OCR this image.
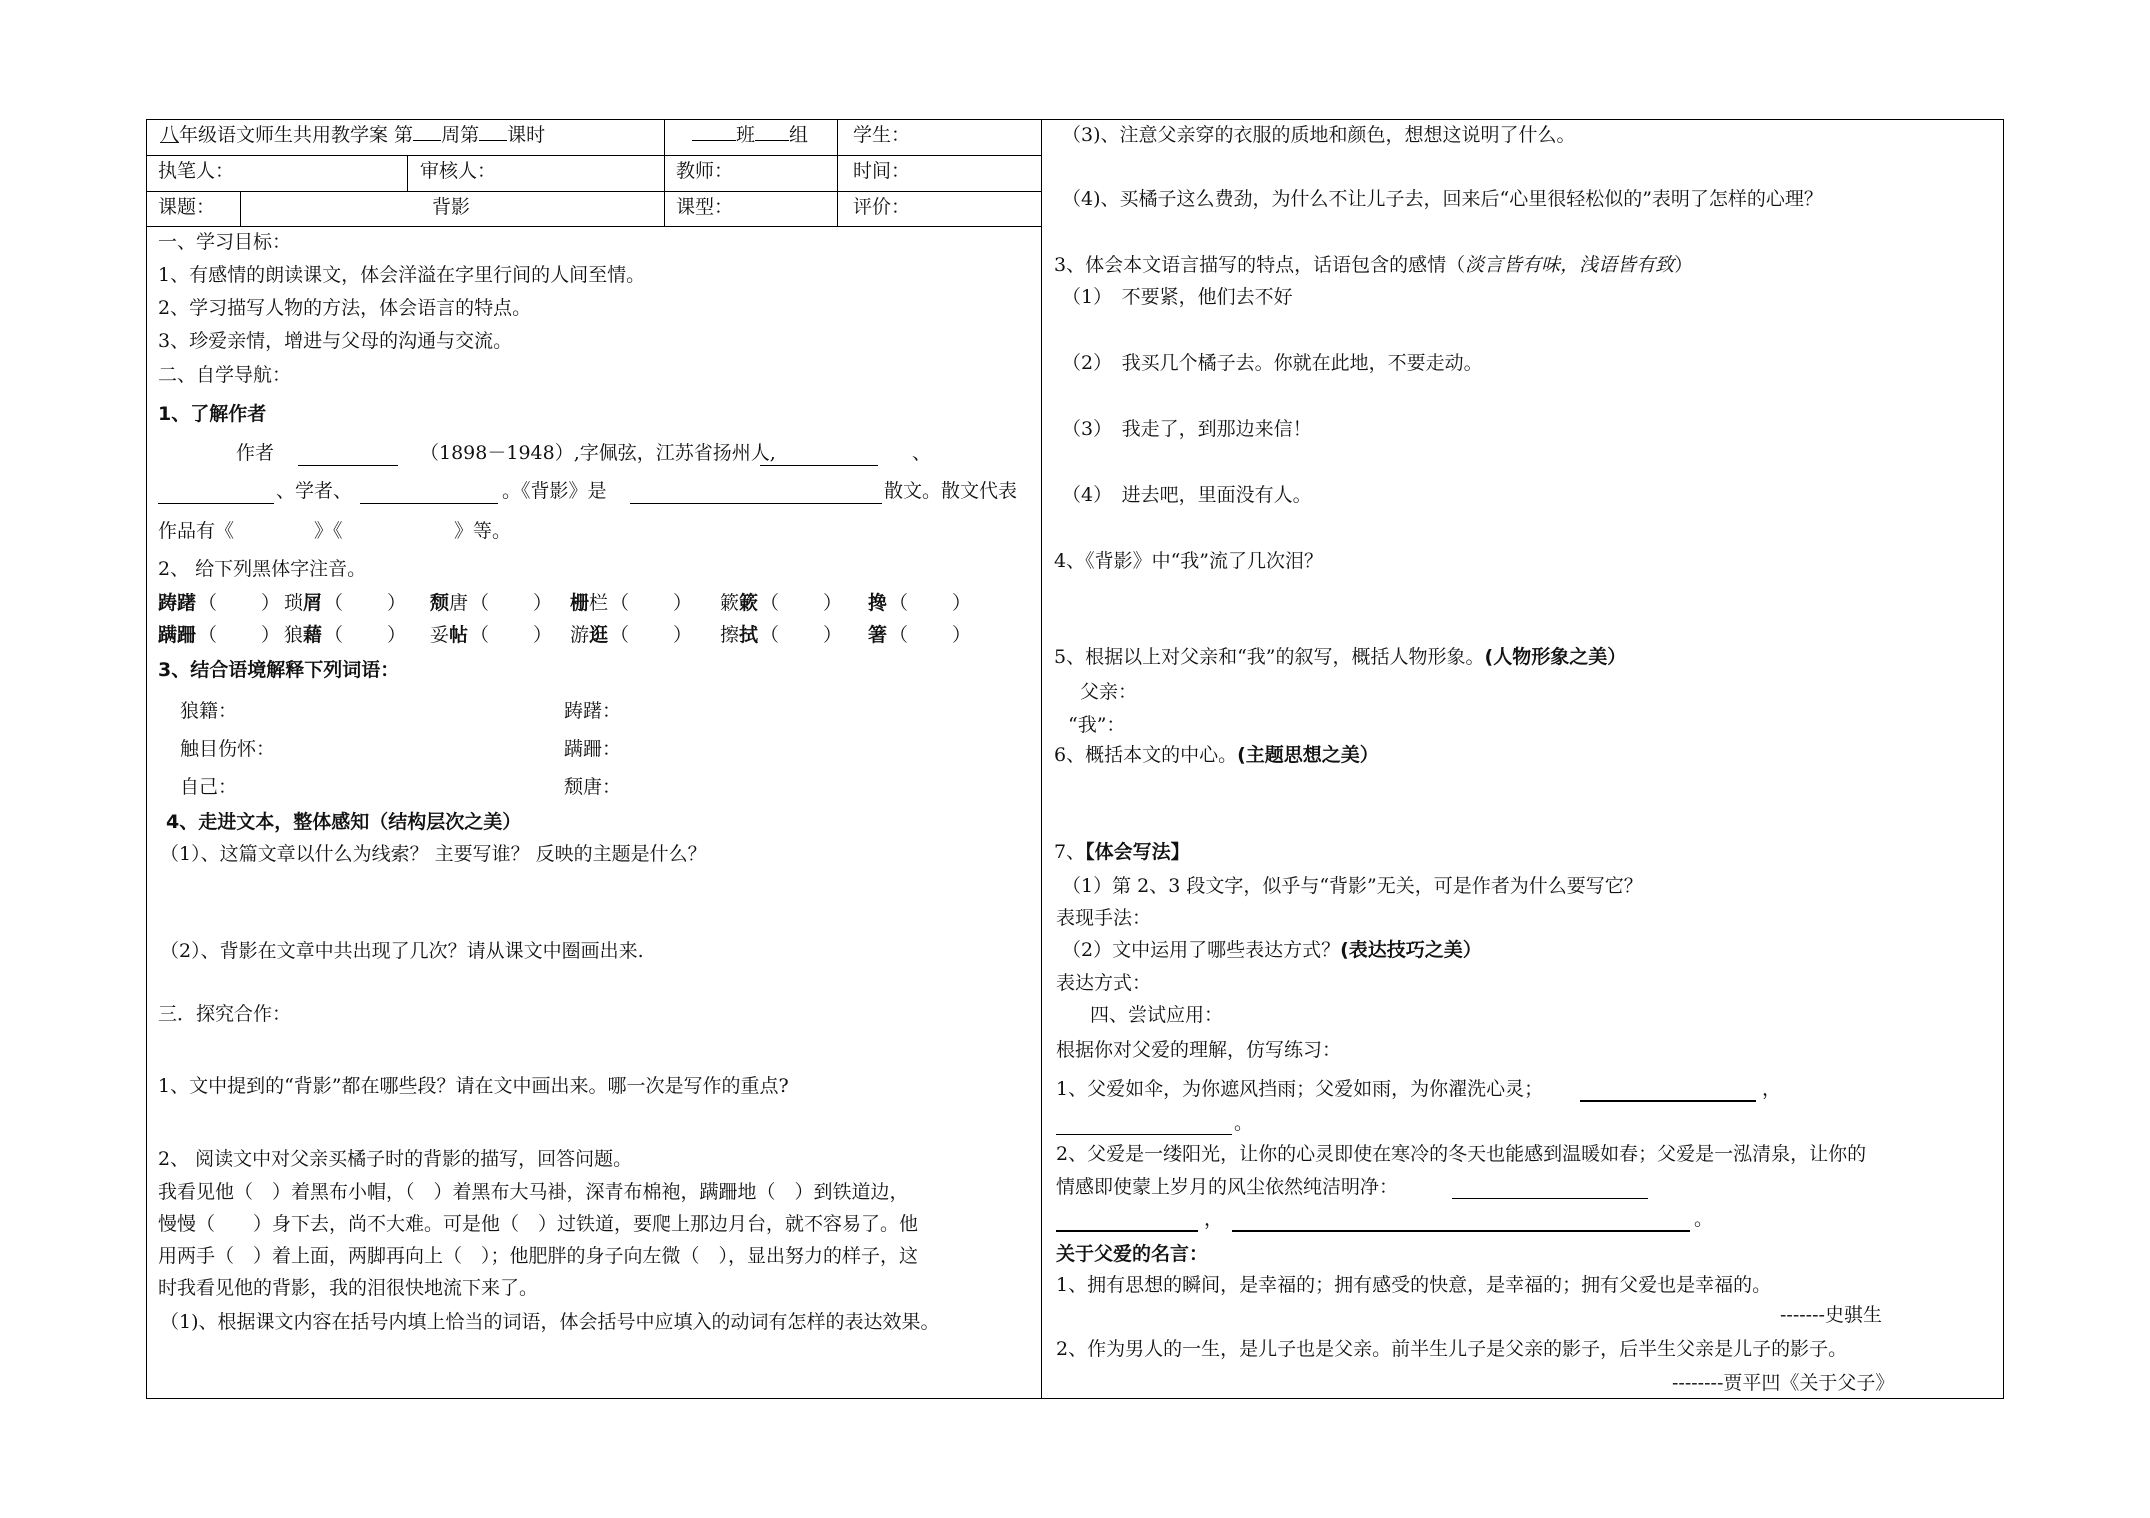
八年级语文师生共用教学案 第 周第 课时	班 组 学生：
执笔人：	审核人：	教师：	时间：
课题：	背影	课型：	评价：
一、学习目标：
1、有感情的朗读课文，体会洋溢在字里行间的人间至情。
2、学习描写人物的方法，体会语言的特点。
3、珍爱亲情，增进与父母的沟通与交流。
二、自学导航：
1、了解作者
作者	（1898－1948）,字佩弦，江苏省扬州人,	、
、学者、	。《背影》是	散文。散文代表
作品有《	》《	》等。
2、 给下列黑体字注音。
踌躇 （ ） 琐屑 （ ） 颓唐 （ ） 栅栏 （ ） 簌簌 （ ） 搀 （ ）
蹒跚 （ ） 狼藉 （ ） 妥帖 （ ） 游逛 （ ） 擦拭 （ ） 箸 （ ）
3、结合语境解释下列词语：
狼籍：	踌躇：
触目伤怀：	蹒跚：
自己：	颓唐：
4、走进文本，整体感知（结构层次之美）
（1）、这篇文章以什么为线索？ 主要写谁？ 反映的主题是什么？
（2）、背影在文章中共出现了几次？请从课文中圈画出来.
三．探究合作：
1、文中提到的“背影”都在哪些段？请在文中画出来。哪一次是写作的重点?
2、 阅读文中对父亲买橘子时的背影的描写，回答问题。
我看见他（　）着黑布小帽，（　）着黑布大马褂，深青布棉袍，蹒跚地（　）到铁道边，
慢慢（　　）身下去，尚不大难。可是他（　）过铁道，要爬上那边月台，就不容易了。他
用两手（　）着上面，两脚再向上（　）；他肥胖的身子向左微（　），显出努力的样子，这
时我看见他的背影，我的泪很快地流下来了。
（1)、根据课文内容在括号内填上恰当的词语，体会括号中应填入的动词有怎样的表达效果。
（3)、注意父亲穿的衣服的质地和颜色，想想这说明了什么。
（4)、买橘子这么费劲，为什么不让儿子去，回来后“心里很轻松似的”表明了怎样的心理？
3、体会本文语言描写的特点，话语包含的感情（淡言皆有味，浅语皆有致）
（1）　不要紧，他们去不好
（2）　我买几个橘子去。你就在此地，不要走动。
（3）　我走了，到那边来信！
（4）　进去吧，里面没有人。
4、《背影》中“我”流了几次泪？
5、根据以上对父亲和“我”的叙写，概括人物形象。(人物形象之美）
父亲：
“我”：
6、概括本文的中心。(主题思想之美）
7、【体会写法】
（1）第 2、3 段文字，似乎与“背影”无关，可是作者为什么要写它？
表现手法：
（2）文中运用了哪些表达方式？(表达技巧之美）
表达方式：
四、尝试应用：
根据你对父爱的理解，仿写练习：
1、父爱如伞，为你遮风挡雨；父爱如雨，为你濯洗心灵；	，
。
2、父爱是一缕阳光，让你的心灵即使在寒冷的冬天也能感到温暖如春；父爱是一泓清泉，让你的
情感即使蒙上岁月的风尘依然纯洁明净：
，	。
关于父爱的名言：
1、拥有思想的瞬间，是幸福的；拥有感受的快意，是幸福的；拥有父爱也是幸福的。
-------史骐生
2、作为男人的一生，是儿子也是父亲。前半生儿子是父亲的影子，后半生父亲是儿子的影子。
--------贾平凹《关于父子》
